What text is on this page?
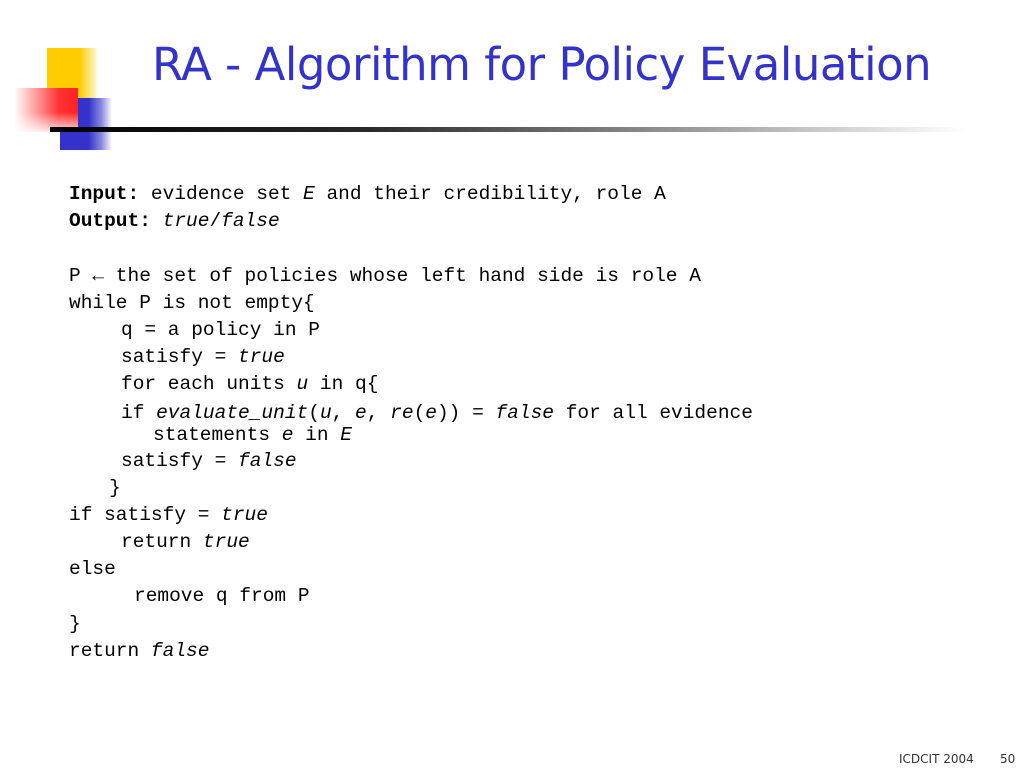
RA - Algorithm for Policy Evaluation
Input: evidence set E and their credibility, role A
Output: true/false

P ← the set of policies whose left hand side is role A
while P is not empty{
q = a policy in P
satisfy = true
for each units u in q{
if evaluate_unit(u, e, re(e)) = false for all evidence
statements e in E
satisfy = false
}
if satisfy = true
return true
else
remove q from P
}
return false
ICDCIT 2004 50
